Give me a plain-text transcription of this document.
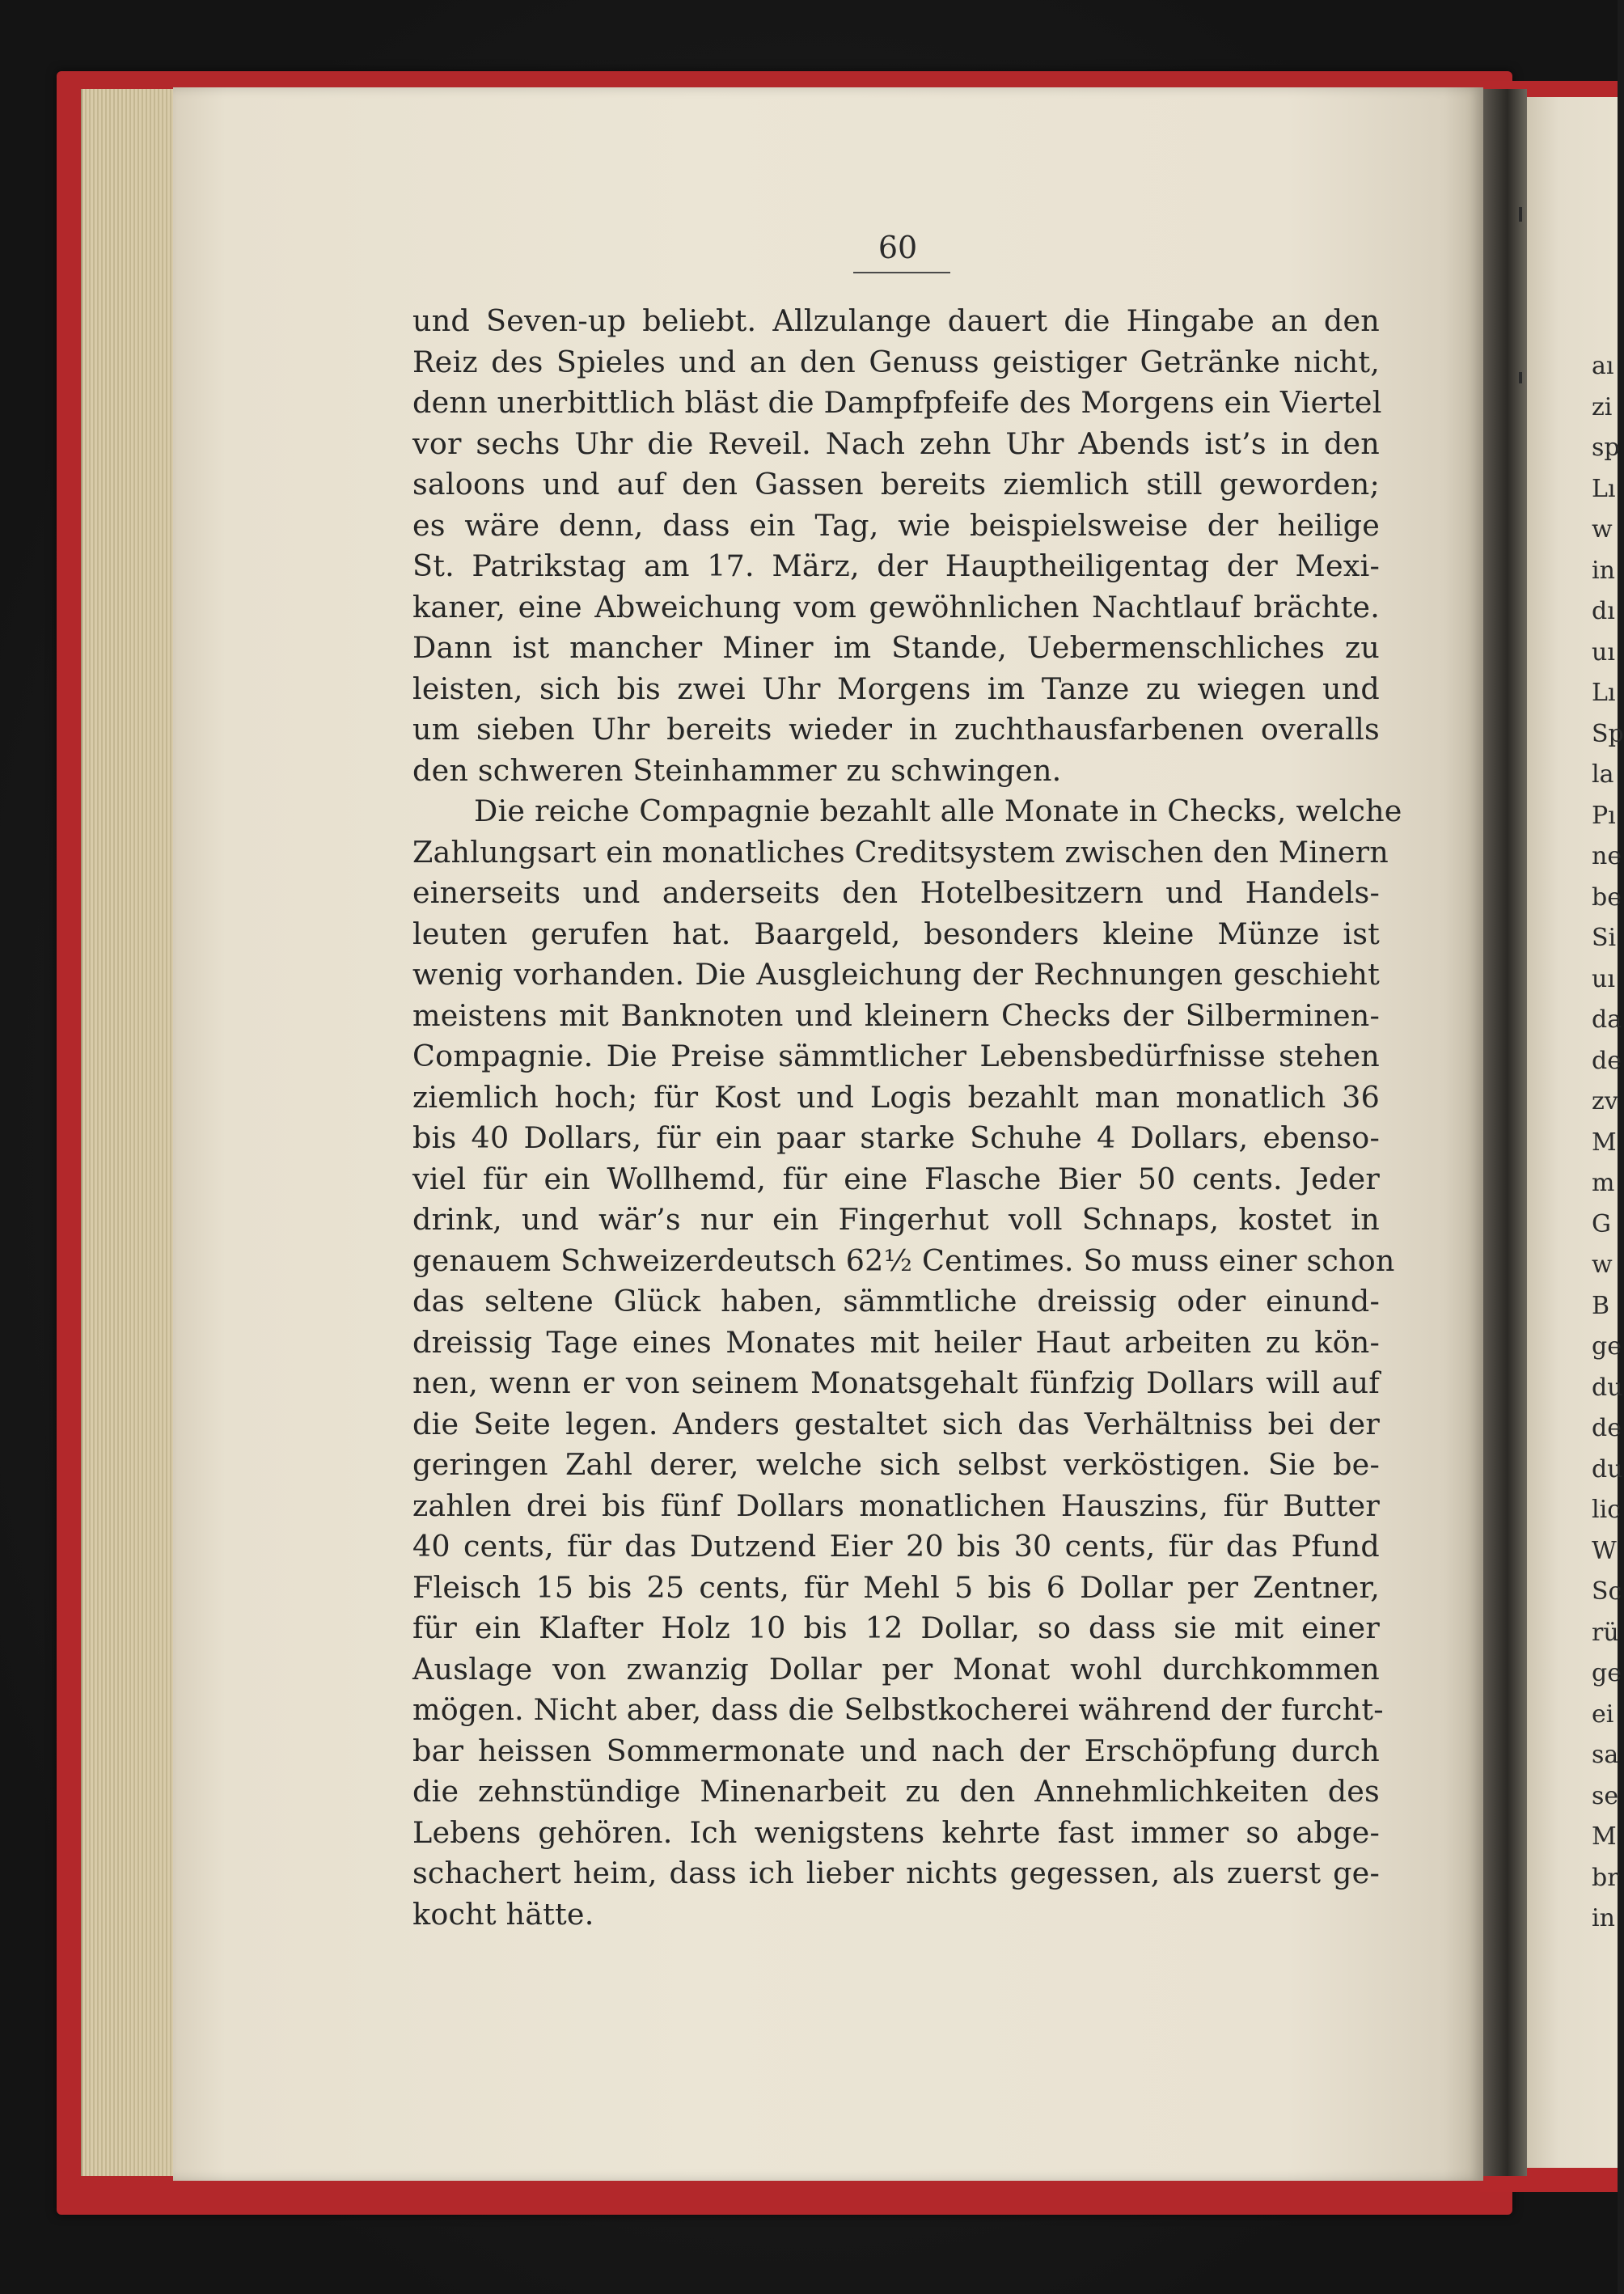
aı
zi
sp
Lı
w
in
dı
uı
Lı
Sp
la
Pı
ne
be
Si
uı
da
de
zv
M
m
G
w
B
ge
du
de
du
lic
W
Sc
rü
ge
ei
sa
se
M
br
in
60
und Seven-up beliebt. Allzulange dauert die Hingabe an den
Reiz des Spieles und an den Genuss geistiger Getränke nicht,
denn unerbittlich bläst die Dampfpfeife des Morgens ein Viertel
vor sechs Uhr die Reveil. Nach zehn Uhr Abends ist’s in den
saloons und auf den Gassen bereits ziemlich still geworden;
es wäre denn, dass ein Tag, wie beispielsweise der heilige
St. Patrikstag am 17. März, der Hauptheiligentag der Mexi-
kaner, eine Abweichung vom gewöhnlichen Nachtlauf brächte.
Dann ist mancher Miner im Stande, Uebermenschliches zu
leisten, sich bis zwei Uhr Morgens im Tanze zu wiegen und
um sieben Uhr bereits wieder in zuchthausfarbenen overalls
den schweren Steinhammer zu schwingen.
Die reiche Compagnie bezahlt alle Monate in Checks, welche
Zahlungsart ein monatliches Creditsystem zwischen den Minern
einerseits und anderseits den Hotelbesitzern und Handels-
leuten gerufen hat. Baargeld, besonders kleine Münze ist
wenig vorhanden. Die Ausgleichung der Rechnungen geschieht
meistens mit Banknoten und kleinern Checks der Silberminen-
Compagnie. Die Preise sämmtlicher Lebensbedürfnisse stehen
ziemlich hoch; für Kost und Logis bezahlt man monatlich 36
bis 40 Dollars, für ein paar starke Schuhe 4 Dollars, ebenso-
viel für ein Wollhemd, für eine Flasche Bier 50 cents. Jeder
drink, und wär’s nur ein Fingerhut voll Schnaps, kostet in
genauem Schweizerdeutsch 62½ Centimes. So muss einer schon
das seltene Glück haben, sämmtliche dreissig oder einund-
dreissig Tage eines Monates mit heiler Haut arbeiten zu kön-
nen, wenn er von seinem Monatsgehalt fünfzig Dollars will auf
die Seite legen. Anders gestaltet sich das Verhältniss bei der
geringen Zahl derer, welche sich selbst verköstigen. Sie be-
zahlen drei bis fünf Dollars monatlichen Hauszins, für Butter
40 cents, für das Dutzend Eier 20 bis 30 cents, für das Pfund
Fleisch 15 bis 25 cents, für Mehl 5 bis 6 Dollar per Zentner,
für ein Klafter Holz 10 bis 12 Dollar, so dass sie mit einer
Auslage von zwanzig Dollar per Monat wohl durchkommen
mögen. Nicht aber, dass die Selbstkocherei während der furcht-
bar heissen Sommermonate und nach der Erschöpfung durch
die zehnstündige Minenarbeit zu den Annehmlichkeiten des
Lebens gehören. Ich wenigstens kehrte fast immer so abge-
schachert heim, dass ich lieber nichts gegessen, als zuerst ge-
kocht hätte.
